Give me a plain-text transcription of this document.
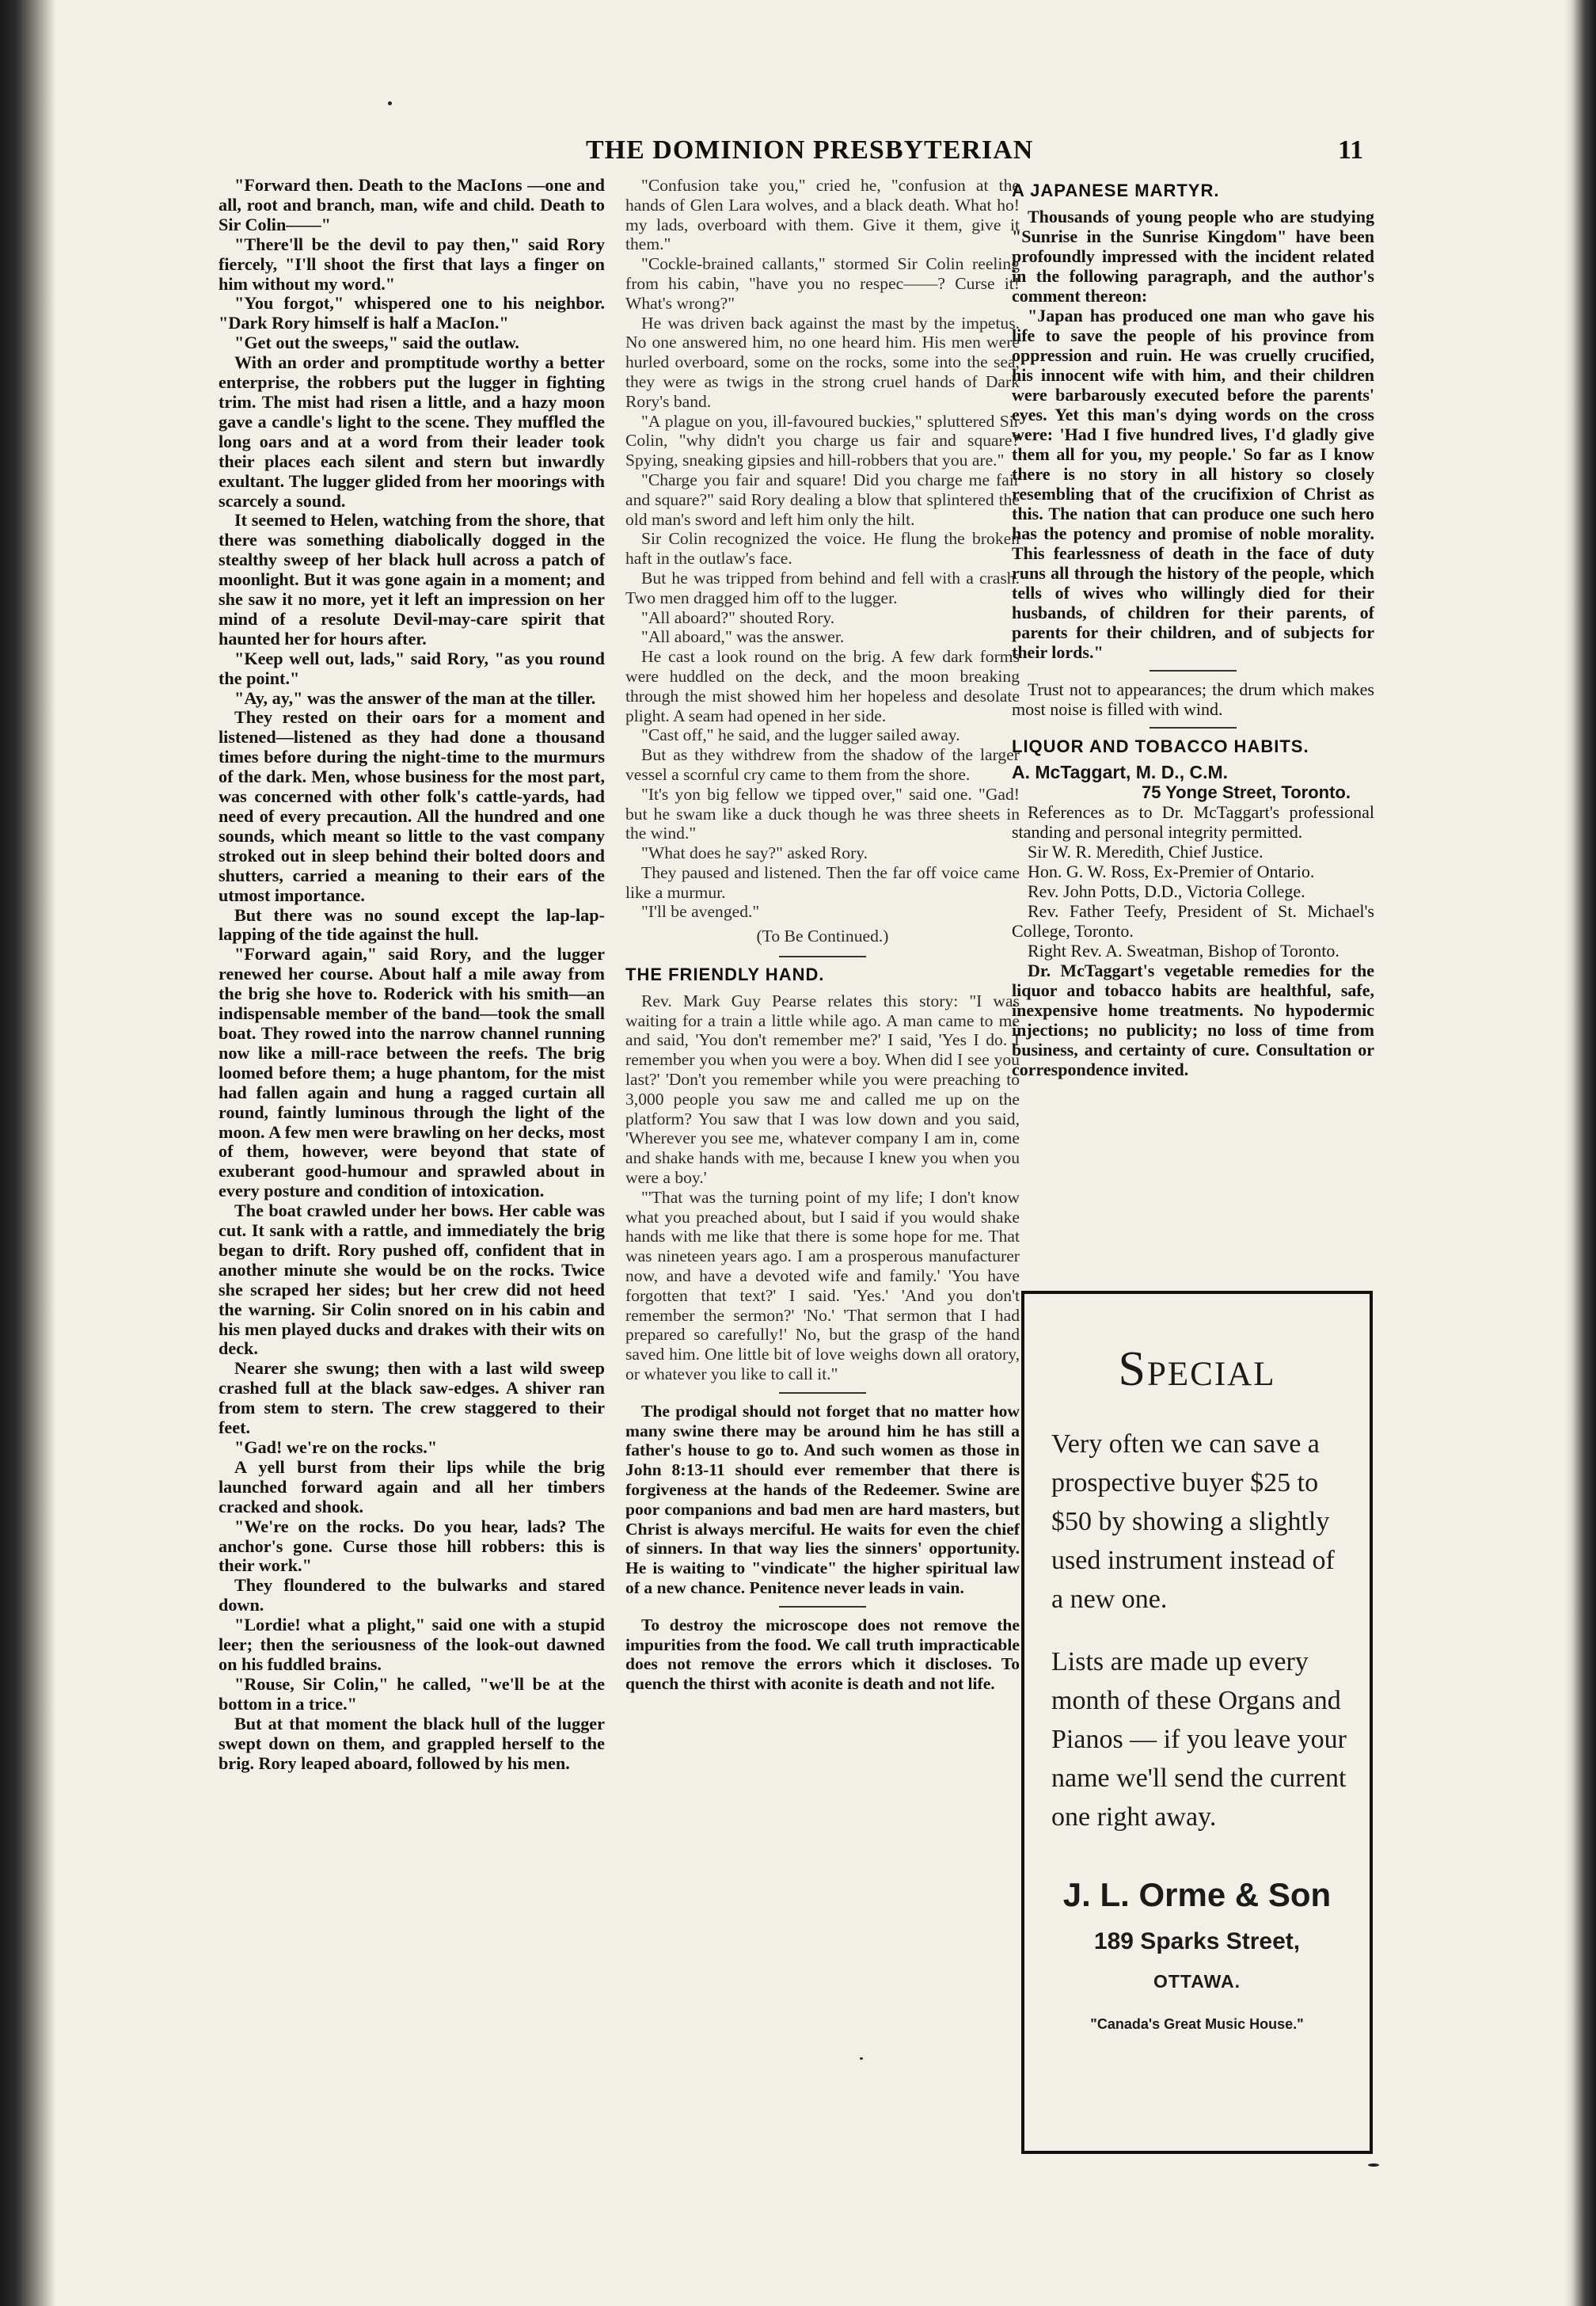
THE DOMINION PRESBYTERIAN	11

"Forward then. Death to the MacIons —one and all, root and branch, man, wife and child. Death to Sir Colin——"

"There'll be the devil to pay then," said Rory fiercely, "I'll shoot the first that lays a finger on him without my word."

"You forgot," whispered one to his neighbor. "Dark Rory himself is half a MacIon."

"Get out the sweeps," said the outlaw.

With an order and promptitude worthy a better enterprise, the robbers put the lugger in fighting trim. The mist had risen a little, and a hazy moon gave a candle's light to the scene. They muffled the long oars and at a word from their leader took their places each silent and stern but inwardly exultant. The lugger glided from her moorings with scarcely a sound.

It seemed to Helen, watching from the shore, that there was something diabolically dogged in the stealthy sweep of her black hull across a patch of moonlight. But it was gone again in a moment; and she saw it no more, yet it left an impression on her mind of a resolute Devil-may-care spirit that haunted her for hours after.

"Keep well out, lads," said Rory, "as you round the point."

"Ay, ay," was the answer of the man at the tiller.

They rested on their oars for a moment and listened—listened as they had done a thousand times before during the night-time to the murmurs of the dark. Men, whose business for the most part, was concerned with other folk's cattle-yards, had need of every precaution. All the hundred and one sounds, which meant so little to the vast company stroked out in sleep behind their bolted doors and shutters, carried a meaning to their ears of the utmost importance.

But there was no sound except the lap-lap-lapping of the tide against the hull.

"Forward again," said Rory, and the lugger renewed her course. About half a mile away from the brig she hove to. Roderick with his smith—an indispensable member of the band—took the small boat. They rowed into the narrow channel running now like a mill-race between the reefs. The brig loomed before them; a huge phantom, for the mist had fallen again and hung a ragged curtain all round, faintly luminous through the light of the moon. A few men were brawling on her decks, most of them, however, were beyond that state of exuberant good-humour and sprawled about in every posture and condition of intoxication.

The boat crawled under her bows. Her cable was cut. It sank with a rattle, and immediately the brig began to drift. Rory pushed off, confident that in another minute she would be on the rocks. Twice she scraped her sides; but her crew did not heed the warning. Sir Colin snored on in his cabin and his men played ducks and drakes with their wits on deck.

Nearer she swung; then with a last wild sweep crashed full at the black saw-edges. A shiver ran from stem to stern. The crew staggered to their feet.

"Gad! we're on the rocks."

A yell burst from their lips while the brig launched forward again and all her timbers cracked and shook.

"We're on the rocks. Do you hear, lads? The anchor's gone. Curse those hill robbers: this is their work."

They floundered to the bulwarks and stared down.

"Lordie! what a plight," said one with a stupid leer; then the seriousness of the look-out dawned on his fuddled brains.

"Rouse, Sir Colin," he called, "we'll be at the bottom in a trice."

But at that moment the black hull of the lugger swept down on them, and grappled herself to the brig. Rory leaped aboard, followed by his men.

"Confusion take you," cried he, "confusion at the hands of Glen Lara wolves, and a black death. What ho! my lads, overboard with them. Give it them, give it them."

"Cockle-brained callants," stormed Sir Colin reeling from his cabin, "have you no respec——? Curse it! What's wrong?"

He was driven back against the mast by the impetus. No one answered him, no one heard him. His men were hurled overboard, some on the rocks, some into the sea, they were as twigs in the strong cruel hands of Dark Rory's band.

"A plague on you, ill-favoured buckies," spluttered Sir Colin, "why didn't you charge us fair and square? Spying, sneaking gipsies and hill-robbers that you are."

"Charge you fair and square! Did you charge me fair and square?" said Rory dealing a blow that splintered the old man's sword and left him only the hilt.

Sir Colin recognized the voice. He flung the broken haft in the outlaw's face.

But he was tripped from behind and fell with a crash. Two men dragged him off to the lugger.

"All aboard?" shouted Rory.

"All aboard," was the answer.

He cast a look round on the brig. A few dark forms were huddled on the deck, and the moon breaking through the mist showed him her hopeless and desolate plight. A seam had opened in her side.

"Cast off," he said, and the lugger sailed away.

But as they withdrew from the shadow of the larger vessel a scornful cry came to them from the shore.

"It's yon big fellow we tipped over," said one. "Gad! but he swam like a duck though he was three sheets in the wind."

"What does he say?" asked Rory.

They paused and listened. Then the far off voice came like a murmur.

"I'll be avenged."

(To Be Continued.)

THE FRIENDLY HAND.

Rev. Mark Guy Pearse relates this story: "I was waiting for a train a little while ago. A man came to me and said, 'You don't remember me?' I said, 'Yes I do. I remember you when you were a boy. When did I see you last?' 'Don't you remember while you were preaching to 3,000 people you saw me and called me up on the platform? You saw that I was low down and you said, 'Wherever you see me, whatever company I am in, come and shake hands with me, because I knew you when you were a boy.'

"'That was the turning point of my life; I don't know what you preached about, but I said if you would shake hands with me like that there is some hope for me. That was nineteen years ago. I am a prosperous manufacturer now, and have a devoted wife and family.' 'You have forgotten that text?' I said. 'Yes.' 'And you don't remember the sermon?' 'No.' 'That sermon that I had prepared so carefully!' No, but the grasp of the hand saved him. One little bit of love weighs down all oratory, or whatever you like to call it."

The prodigal should not forget that no matter how many swine there may be around him he has still a father's house to go to. And such women as those in John 8:13-11 should ever remember that there is forgiveness at the hands of the Redeemer. Swine are poor companions and bad men are hard masters, but Christ is always merciful. He waits for even the chief of sinners. In that way lies the sinners' opportunity. He is waiting to "vindicate" the higher spiritual law of a new chance. Penitence never leads in vain.

To destroy the microscope does not remove the impurities from the food. We call truth impracticable does not remove the errors which it discloses. To quench the thirst with aconite is death and not life.

A JAPANESE MARTYR.

Thousands of young people who are studying "Sunrise in the Sunrise Kingdom" have been profoundly impressed with the incident related in the following paragraph, and the author's comment thereon:

"Japan has produced one man who gave his life to save the people of his province from oppression and ruin. He was cruelly crucified, his innocent wife with him, and their children were barbarously executed before the parents' eyes. Yet this man's dying words on the cross were: 'Had I five hundred lives, I'd gladly give them all for you, my people.' So far as I know there is no story in all history so closely resembling that of the crucifixion of Christ as this. The nation that can produce one such hero has the potency and promise of noble morality. This fearlessness of death in the face of duty runs all through the history of the people, which tells of wives who willingly died for their husbands, of children for their parents, of parents for their children, and of subjects for their lords."

Trust not to appearances; the drum which makes most noise is filled with wind.

LIQUOR AND TOBACCO HABITS.

A. McTaggart, M. D., C.M.

75 Yonge Street, Toronto.

References as to Dr. McTaggart's professional standing and personal integrity permitted.

Sir W. R. Meredith, Chief Justice.

Hon. G. W. Ross, Ex-Premier of Ontario.

Rev. John Potts, D.D., Victoria College.

Rev. Father Teefy, President of St. Michael's College, Toronto.

Right Rev. A. Sweatman, Bishop of Toronto.

Dr. McTaggart's vegetable remedies for the liquor and tobacco habits are healthful, safe, inexpensive home treatments. No hypodermic injections; no publicity; no loss of time from business, and certainty of cure. Consultation or correspondence invited.

Special
Very often we can save a prospective buyer $25 to $50 by showing a slightly used instrument instead of a new one.
Lists are made up every month of these Organs and Pianos — if you leave your name we'll send the current one right away.
J. L. Orme & Son
189 Sparks Street,
OTTAWA.
"Canada's Great Music House."
